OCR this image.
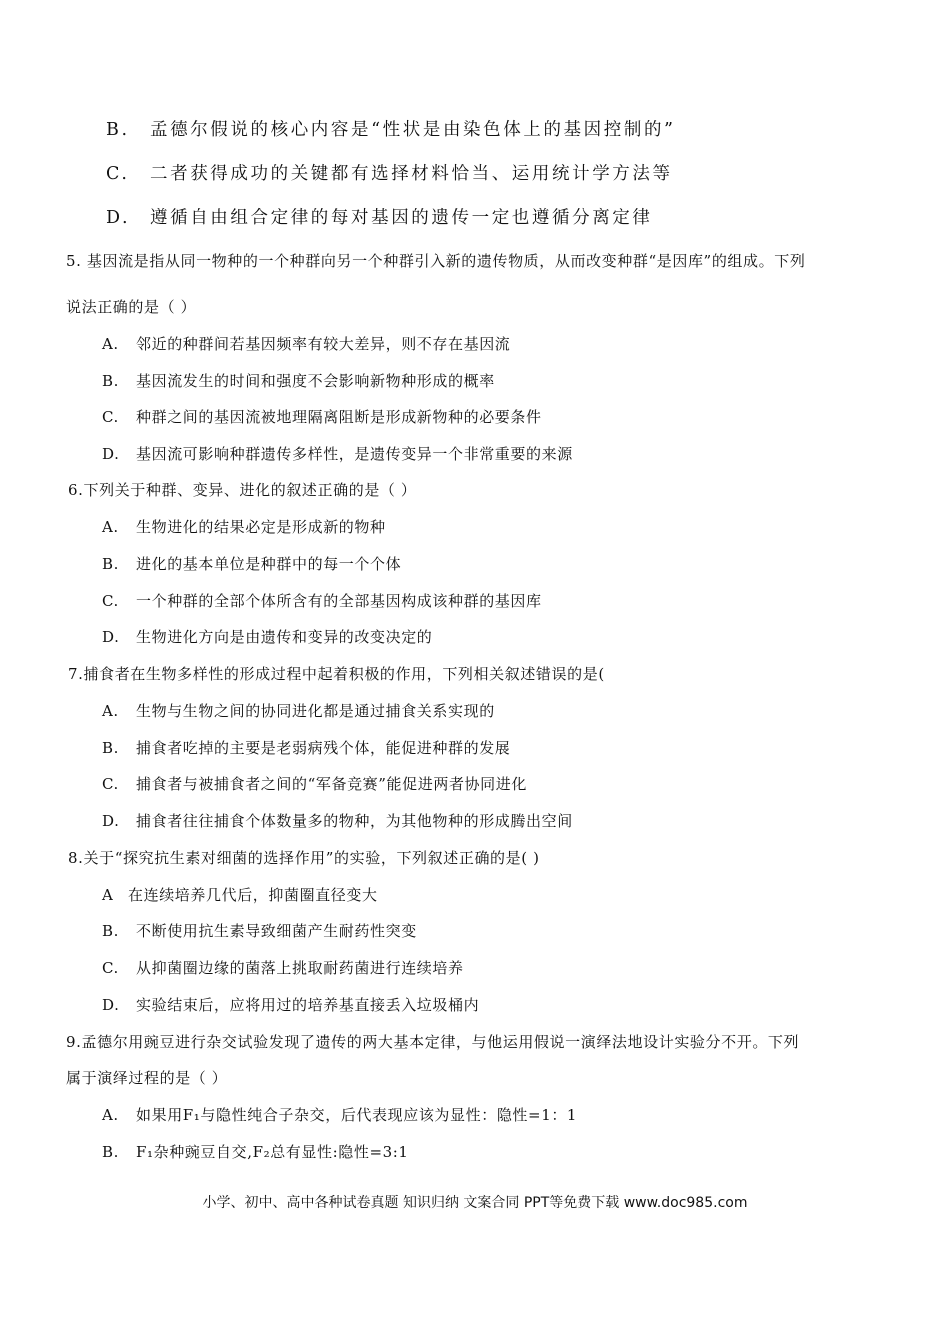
B. 孟德尔假说的核心内容是“性状是由染色体上的基因控制的”
C. 二者获得成功的关键都有选择材料恰当、运用统计学方法等
D. 遵循自由组合定律的每对基因的遗传一定也遵循分离定律
5. 基因流是指从同一物种的一个种群向另一个种群引入新的遗传物质，从而改变种群“是因库”的组成。下列
说法正确的是（ ）
A. 邻近的种群间若基因频率有较大差异，则不存在基因流
B. 基因流发生的时间和强度不会影响新物种形成的概率
C. 种群之间的基因流被地理隔离阻断是形成新物种的必要条件
D. 基因流可影响种群遗传多样性，是遗传变异一个非常重要的来源
6.下列关于种群、变异、进化的叙述正确的是（ ）
A. 生物进化的结果必定是形成新的物种
B. 进化的基本单位是种群中的每一个个体
C. 一个种群的全部个体所含有的全部基因构成该种群的基因库
D. 生物进化方向是由遗传和变异的改变决定的
7.捕食者在生物多样性的形成过程中起着积极的作用，下列相关叙述错误的是(
A. 生物与生物之间的协同进化都是通过捕食关系实现的
B. 捕食者吃掉的主要是老弱病残个体，能促进种群的发展
C. 捕食者与被捕食者之间的“军备竞赛”能促进两者协同进化
D. 捕食者往往捕食个体数量多的物种，为其他物种的形成腾出空间
8.关于“探究抗生素对细菌的选择作用”的实验，下列叙述正确的是( )
A 在连续培养几代后，抑菌圈直径变大
B. 不断使用抗生素导致细菌产生耐药性突变
C. 从抑菌圈边缘的菌落上挑取耐药菌进行连续培养
D. 实验结束后，应将用过的培养基直接丢入垃圾桶内
9.孟德尔用豌豆进行杂交试验发现了遗传的两大基本定律，与他运用假说一演绎法地设计实验分不开。下列
属于演绎过程的是（ ）
A. 如果用F₁与隐性纯合子杂交，后代表现应该为显性：隐性=1：1
B. F₁杂种豌豆自交,F₂总有显性:隐性=3:1
小学、初中、高中各种试卷真题 知识归纳 文案合同 PPT等免费下载 www.doc985.com
